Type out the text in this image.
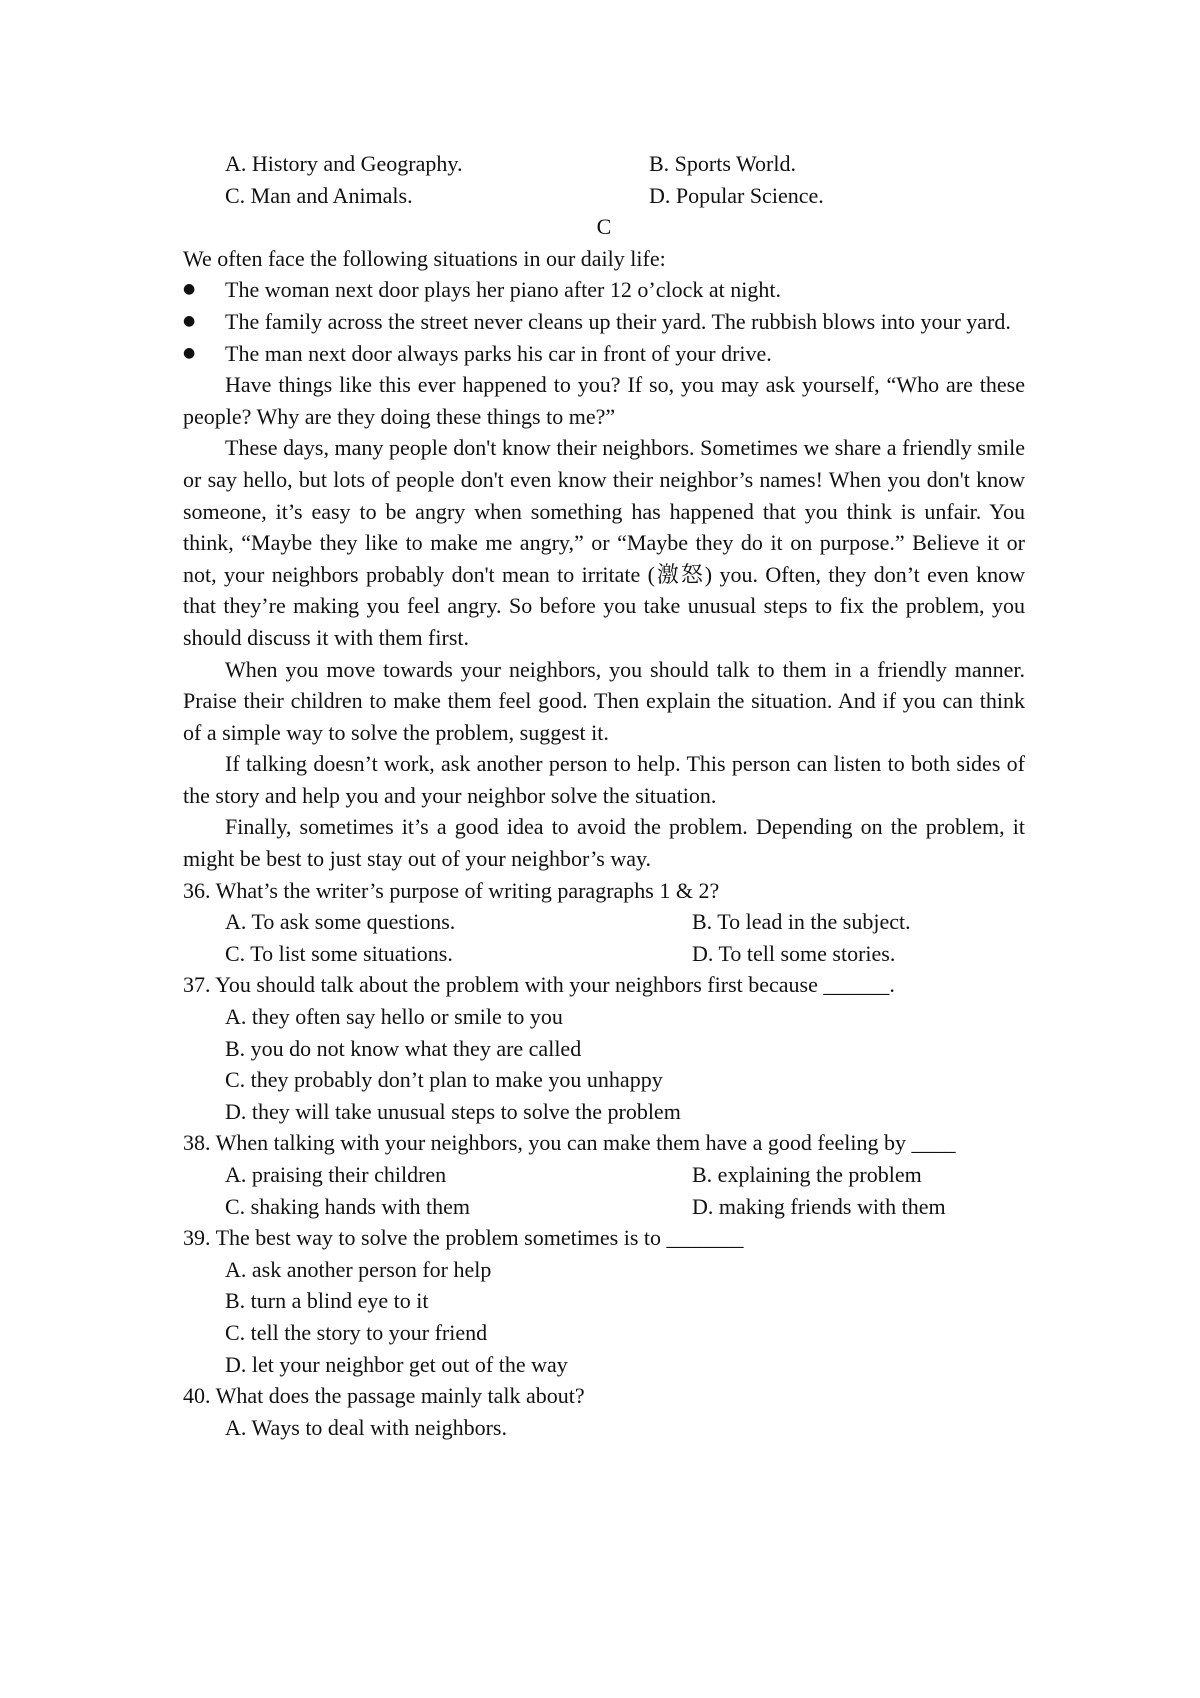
A. History and Geography.	B. Sports World.
C. Man and Animals.	D. Popular Science.
C
We often face the following situations in our daily life:
●	The woman next door plays her piano after 12 o’clock at night.
●	The family across the street never cleans up their yard. The rubbish blows into your yard.
●	The man next door always parks his car in front of your drive.

Have things like this ever happened to you? If so, you may ask yourself, “Who are these people? Why are they doing these things to me?”

These days, many people don't know their neighbors. Sometimes we share a friendly smile or say hello, but lots of people don't even know their neighbor’s names! When you don't know someone, it’s easy to be angry when something has happened that you think is unfair. You think, “Maybe they like to make me angry,” or “Maybe they do it on purpose.” Believe it or not, your neighbors probably don't mean to irritate (激怒) you. Often, they don’t even know that they’re making you feel angry. So before you take unusual steps to fix the problem, you should discuss it with them first.

When you move towards your neighbors, you should talk to them in a friendly manner. Praise their children to make them feel good. Then explain the situation. And if you can think of a simple way to solve the problem, suggest it.

If talking doesn’t work, ask another person to help. This person can listen to both sides of the story and help you and your neighbor solve the situation.

Finally, sometimes it’s a good idea to avoid the problem. Depending on the problem, it might be best to just stay out of your neighbor’s way.

36. What’s the writer’s purpose of writing paragraphs 1 & 2?

A. To ask some questions.	B. To lead in the subject.
C. To list some situations.	D. To tell some stories.

37. You should talk about the problem with your neighbors first because ______.

A. they often say hello or smile to you
B. you do not know what they are called
C. they probably don’t plan to make you unhappy
D. they will take unusual steps to solve the problem

38. When talking with your neighbors, you can make them have a good feeling by ____

A. praising their children	B. explaining the problem
C. shaking hands with them	D. making friends with them

39. The best way to solve the problem sometimes is to _______

A. ask another person for help
B. turn a blind eye to it
C. tell the story to your friend
D. let your neighbor get out of the way

40. What does the passage mainly talk about?

A. Ways to deal with neighbors.
